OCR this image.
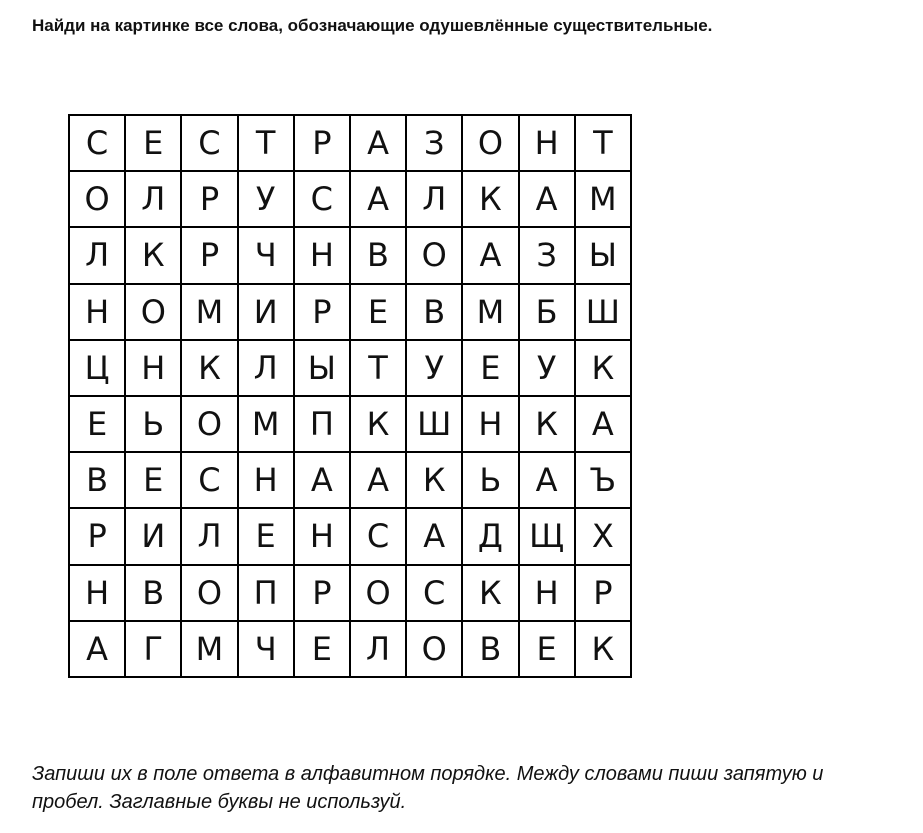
Найди на картинке все слова, обозначающие одушевлённые существительные.
С	Е	С	Т	Р	А	З	О	Н	Т
О	Л	Р	У	С	А	Л	К	А	М
Л	К	Р	Ч	Н	В	О	А	З	Ы
Н	О	М	И	Р	Е	В	М	Б	Ш
Ц	Н	К	Л	Ы	Т	У	Е	У	К
Е	Ь	О	М	П	К	Ш	Н	К	А
В	Е	С	Н	А	А	К	Ь	А	Ъ
Р	И	Л	Е	Н	С	А	Д	Щ	Х
Н	В	О	П	Р	О	С	К	Н	Р
А	Г	М	Ч	Е	Л	О	В	Е	К

Запиши их в поле ответа в алфавитном порядке. Между словами пиши запятую и пробел. Заглавные буквы не используй.
